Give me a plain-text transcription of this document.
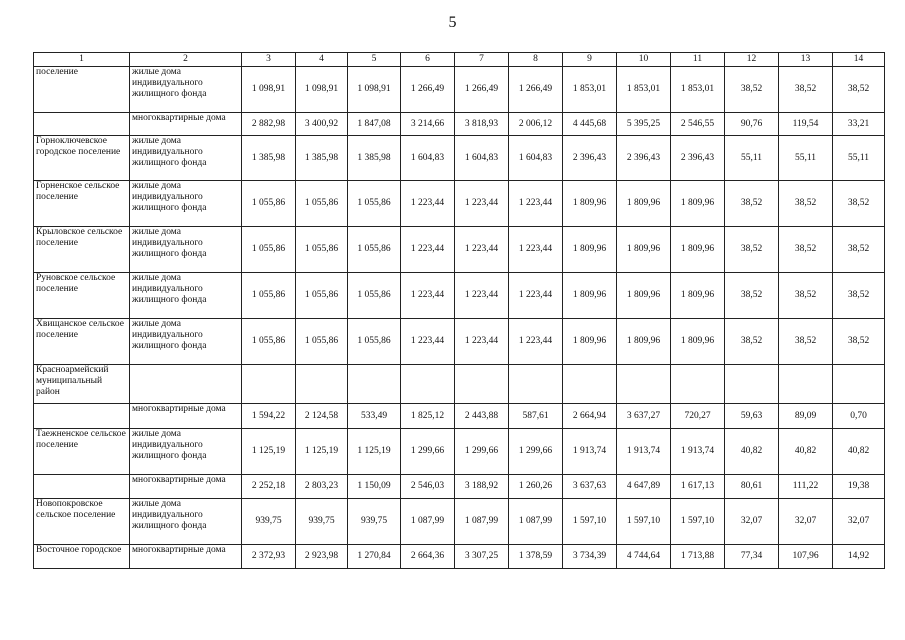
5
1	2	3	4	5	6	7	8	9	10	11	12	13	14
поселение	жилые дома индивидуального жилищного фонда	1 098,91	1 098,91	1 098,91	1 266,49	1 266,49	1 266,49	1 853,01	1 853,01	1 853,01	38,52	38,52	38,52
	многоквартирные дома	2 882,98	3 400,92	1 847,08	3 214,66	3 818,93	2 006,12	4 445,68	5 395,25	2 546,55	90,76	119,54	33,21
Горноключевское городское поселение	жилые дома индивидуального жилищного фонда	1 385,98	1 385,98	1 385,98	1 604,83	1 604,83	1 604,83	2 396,43	2 396,43	2 396,43	55,11	55,11	55,11
Горненское сельское поселение	жилые дома индивидуального жилищного фонда	1 055,86	1 055,86	1 055,86	1 223,44	1 223,44	1 223,44	1 809,96	1 809,96	1 809,96	38,52	38,52	38,52
Крыловское сельское поселение	жилые дома индивидуального жилищного фонда	1 055,86	1 055,86	1 055,86	1 223,44	1 223,44	1 223,44	1 809,96	1 809,96	1 809,96	38,52	38,52	38,52
Руновское сельское поселение	жилые дома индивидуального жилищного фонда	1 055,86	1 055,86	1 055,86	1 223,44	1 223,44	1 223,44	1 809,96	1 809,96	1 809,96	38,52	38,52	38,52
Хвищанское сельское поселение	жилые дома индивидуального жилищного фонда	1 055,86	1 055,86	1 055,86	1 223,44	1 223,44	1 223,44	1 809,96	1 809,96	1 809,96	38,52	38,52	38,52
Красноармейский муниципальный район													
	многоквартирные дома	1 594,22	2 124,58	533,49	1 825,12	2 443,88	587,61	2 664,94	3 637,27	720,27	59,63	89,09	0,70
Таежненское сельское поселение	жилые дома индивидуального жилищного фонда	1 125,19	1 125,19	1 125,19	1 299,66	1 299,66	1 299,66	1 913,74	1 913,74	1 913,74	40,82	40,82	40,82
	многоквартирные дома	2 252,18	2 803,23	1 150,09	2 546,03	3 188,92	1 260,26	3 637,63	4 647,89	1 617,13	80,61	111,22	19,38
Новопокровское сельское поселение	жилые дома индивидуального жилищного фонда	939,75	939,75	939,75	1 087,99	1 087,99	1 087,99	1 597,10	1 597,10	1 597,10	32,07	32,07	32,07
Восточное городское	многоквартирные дома	2 372,93	2 923,98	1 270,84	2 664,36	3 307,25	1 378,59	3 734,39	4 744,64	1 713,88	77,34	107,96	14,92
